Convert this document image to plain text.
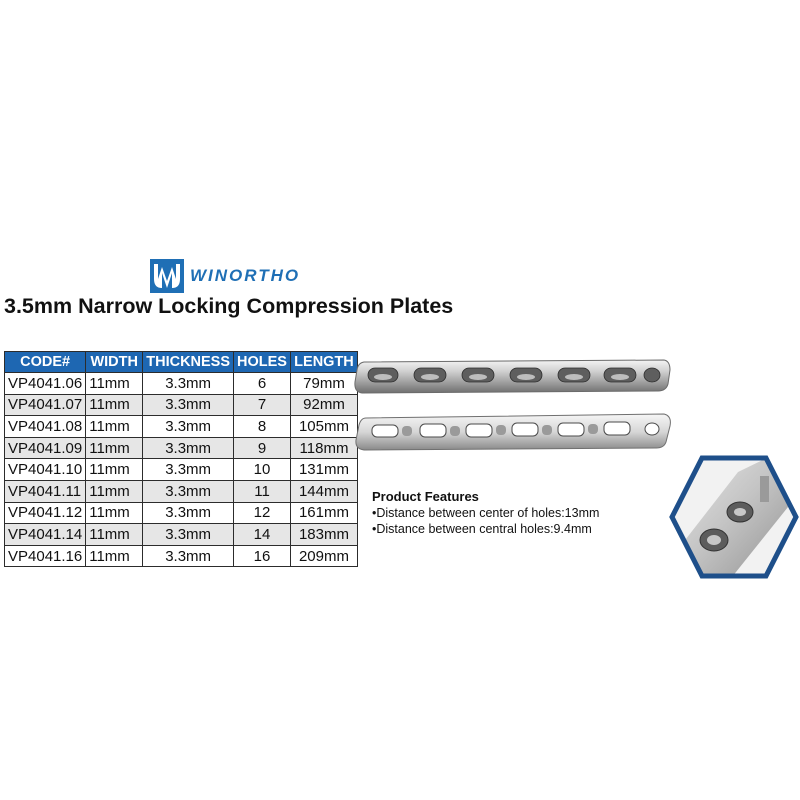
WINORTHO
3.5mm Narrow Locking Compression Plates
CODE#	WIDTH	THICKNESS	HOLES	LENGTH
VP4041.06	11mm	3.3mm	6	79mm
VP4041.07	11mm	3.3mm	7	92mm
VP4041.08	11mm	3.3mm	8	105mm
VP4041.09	11mm	3.3mm	9	118mm
VP4041.10	11mm	3.3mm	10	131mm
VP4041.11	11mm	3.3mm	11	144mm
VP4041.12	11mm	3.3mm	12	161mm
VP4041.14	11mm	3.3mm	14	183mm
VP4041.16	11mm	3.3mm	16	209mm
Product Features
•Distance between center of holes:13mm
•Distance between central holes:9.4mm
